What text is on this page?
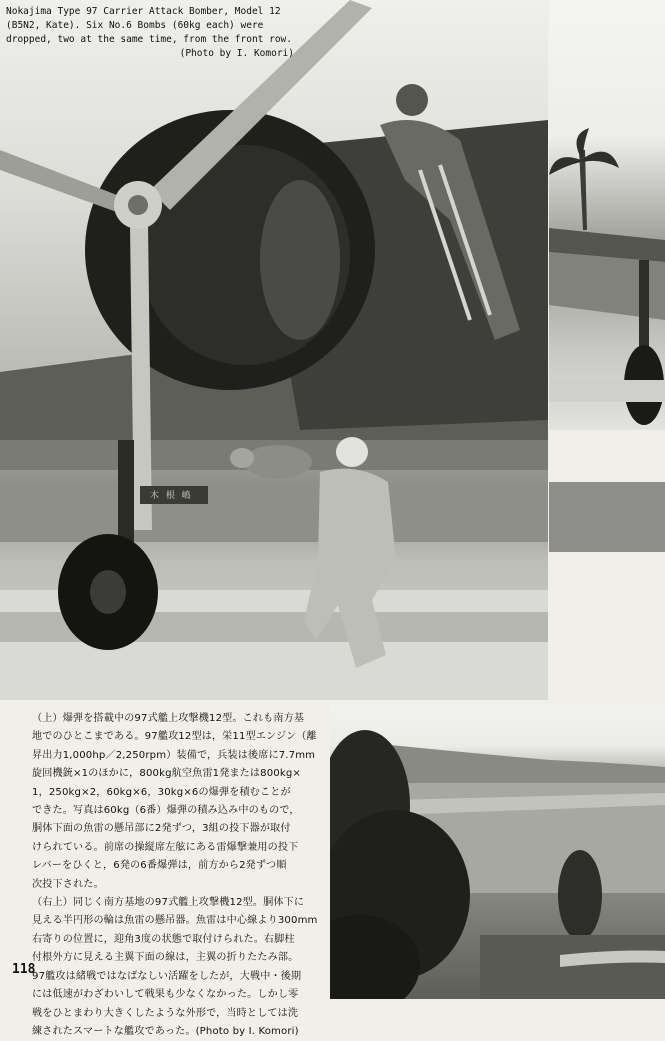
木 根 嶋

Nokajima Type 97 Carrier Attack Bomber, Model 12
(B5N2, Kate). Six No.6 Bombs (60kg each) were
dropped, two at the same time, from the front row.
(Photo by I. Komori)

（上）爆弾を搭載中の97式艦上攻撃機12型。これも南方基
地でのひとこまである。97艦攻12型は，栄11型エンジン（離
昇出力1,000hp／2,250rpm）装備で，兵装は後席に7.7mm
旋回機銃×1のほかに，800kg航空魚雷1発または800kg×
1，250kg×2，60kg×6，30kg×6の爆弾を積むことが
できた。写真は60kg（6番）爆弾の積み込み中のもので，
胴体下面の魚雷の懸吊部に2発ずつ，3組の投下器が取付
けられている。前席の操縦席左舷にある雷爆撃兼用の投下
レバーをひくと，6発の6番爆弾は，前方から2発ずつ順
次投下された。
（右上）同じく南方基地の97式艦上攻撃機12型。胴体下に
見える半円形の輪は魚雷の懸吊器。魚雷は中心線より300mm
右寄りの位置に，迎角3度の状態で取付けられた。右脚柱
付根外方に見える主翼下面の線は，主翼の折りたたみ部。
97艦攻は緒戦ではなばなしい活躍をしたが，大戦中・後期
には低速がわざわいして戦果も少なくなかった。しかし零
戦をひとまわり大きくしたような外形で，当時としては洗
練されたスマートな艦攻であった。(Photo by I. Komori)
118
